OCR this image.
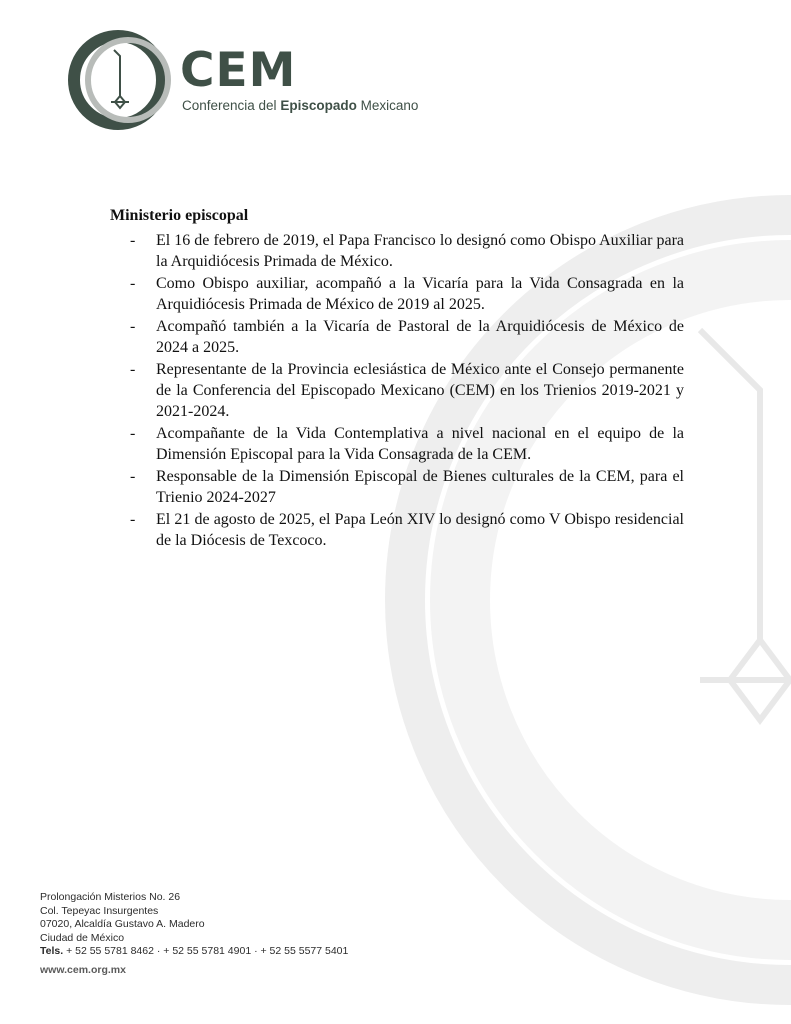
CEM
Conferencia del Episcopado Mexicano
Ministerio episcopal
- El 16 de febrero de 2019, el Papa Francisco lo designó como Obispo Auxiliar para la Arquidiócesis Primada de México.
- Como Obispo auxiliar, acompañó a la Vicaría para la Vida Consagrada en la Arquidiócesis Primada de México de 2019 al 2025.
- Acompañó también a la Vicaría de Pastoral de la Arquidiócesis de México de 2024 a 2025.
- Representante de la Provincia eclesiástica de México ante el Consejo permanente de la Conferencia del Episcopado Mexicano (CEM) en los Trienios 2019-2021 y 2021-2024.
- Acompañante de la Vida Contemplativa a nivel nacional en el equipo de la Dimensión Episcopal para la Vida Consagrada de la CEM.
- Responsable de la Dimensión Episcopal de Bienes culturales de la CEM, para el Trienio 2024-2027
- El 21 de agosto de 2025, el Papa León XIV lo designó como V Obispo residencial de la Diócesis de Texcoco.
Prolongación Misterios No. 26
Col. Tepeyac Insurgentes
07020, Alcaldía Gustavo A. Madero
Ciudad de México
Tels. + 52 55 5781 8462 · + 52 55 5781 4901 · + 52 55 5577 5401
www.cem.org.mx
